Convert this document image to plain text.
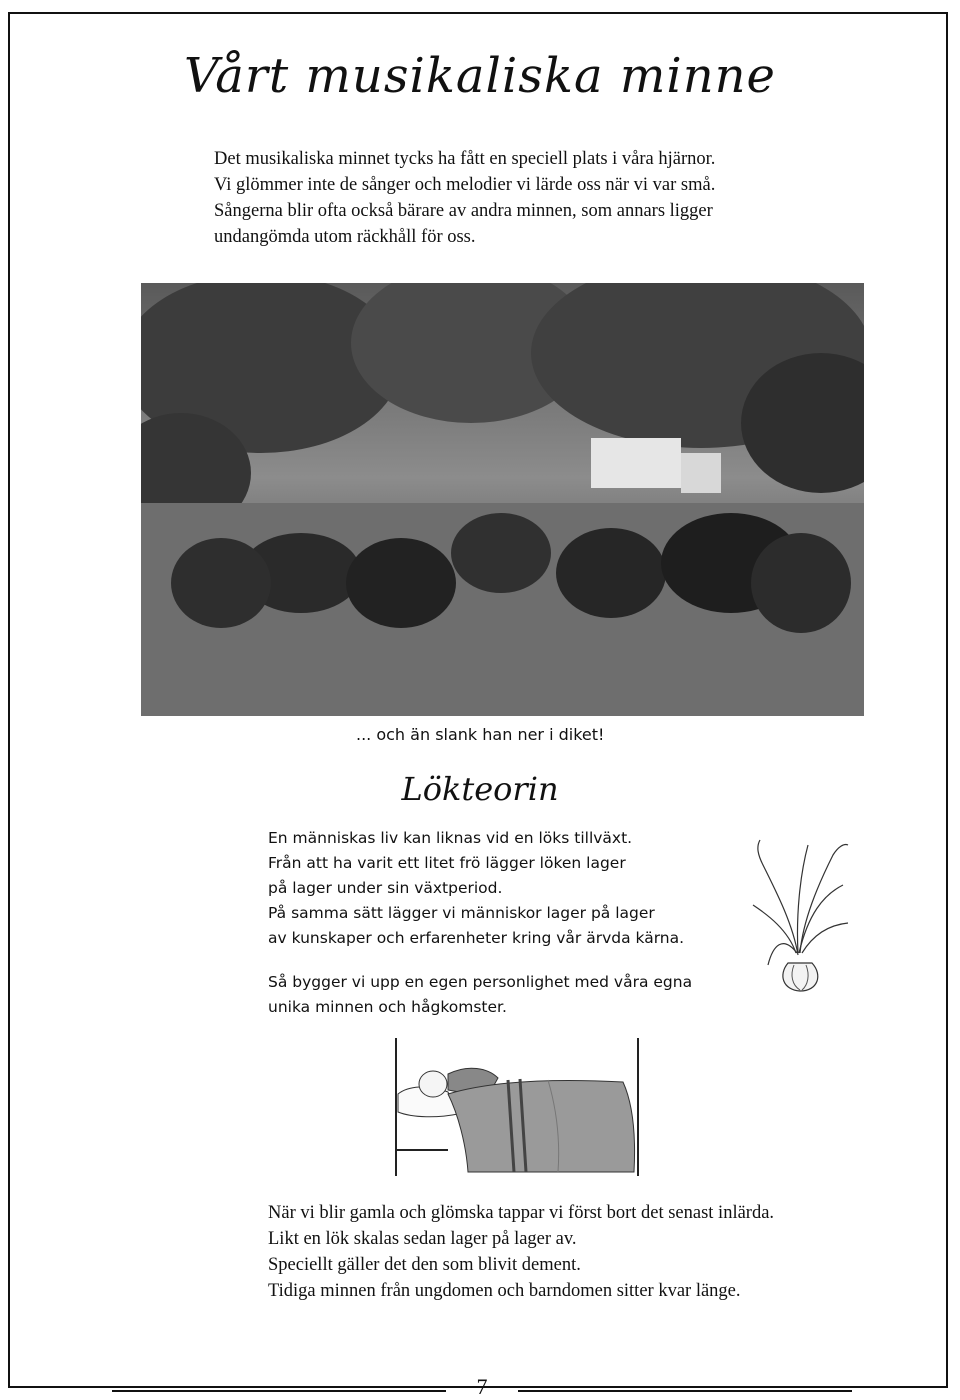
Vårt musikaliska minne

Det musikaliska minnet tycks ha fått en speciell plats i våra hjärnor.
Vi glömmer inte de sånger och melodier vi lärde oss när vi var små.
Sångerna blir ofta också bärare av andra minnen, som annars ligger
undangömda utom räckhåll för oss.

... och än slank han ner i diket!

Lökteorin

En människas liv kan liknas vid en löks tillväxt.
Från att ha varit ett litet frö lägger löken lager
på lager under sin växtperiod.
På samma sätt lägger vi människor lager på lager
av kunskaper och erfarenheter kring vår ärvda kärna.

Så bygger vi upp en egen personlighet med våra egna
unika minnen och hågkomster.

När vi blir gamla och glömska tappar vi först bort det senast inlärda.
Likt en lök skalas sedan lager på lager av.
Speciellt gäller det den som blivit dement.
Tidiga minnen från ungdomen och barndomen sitter kvar länge.

7
